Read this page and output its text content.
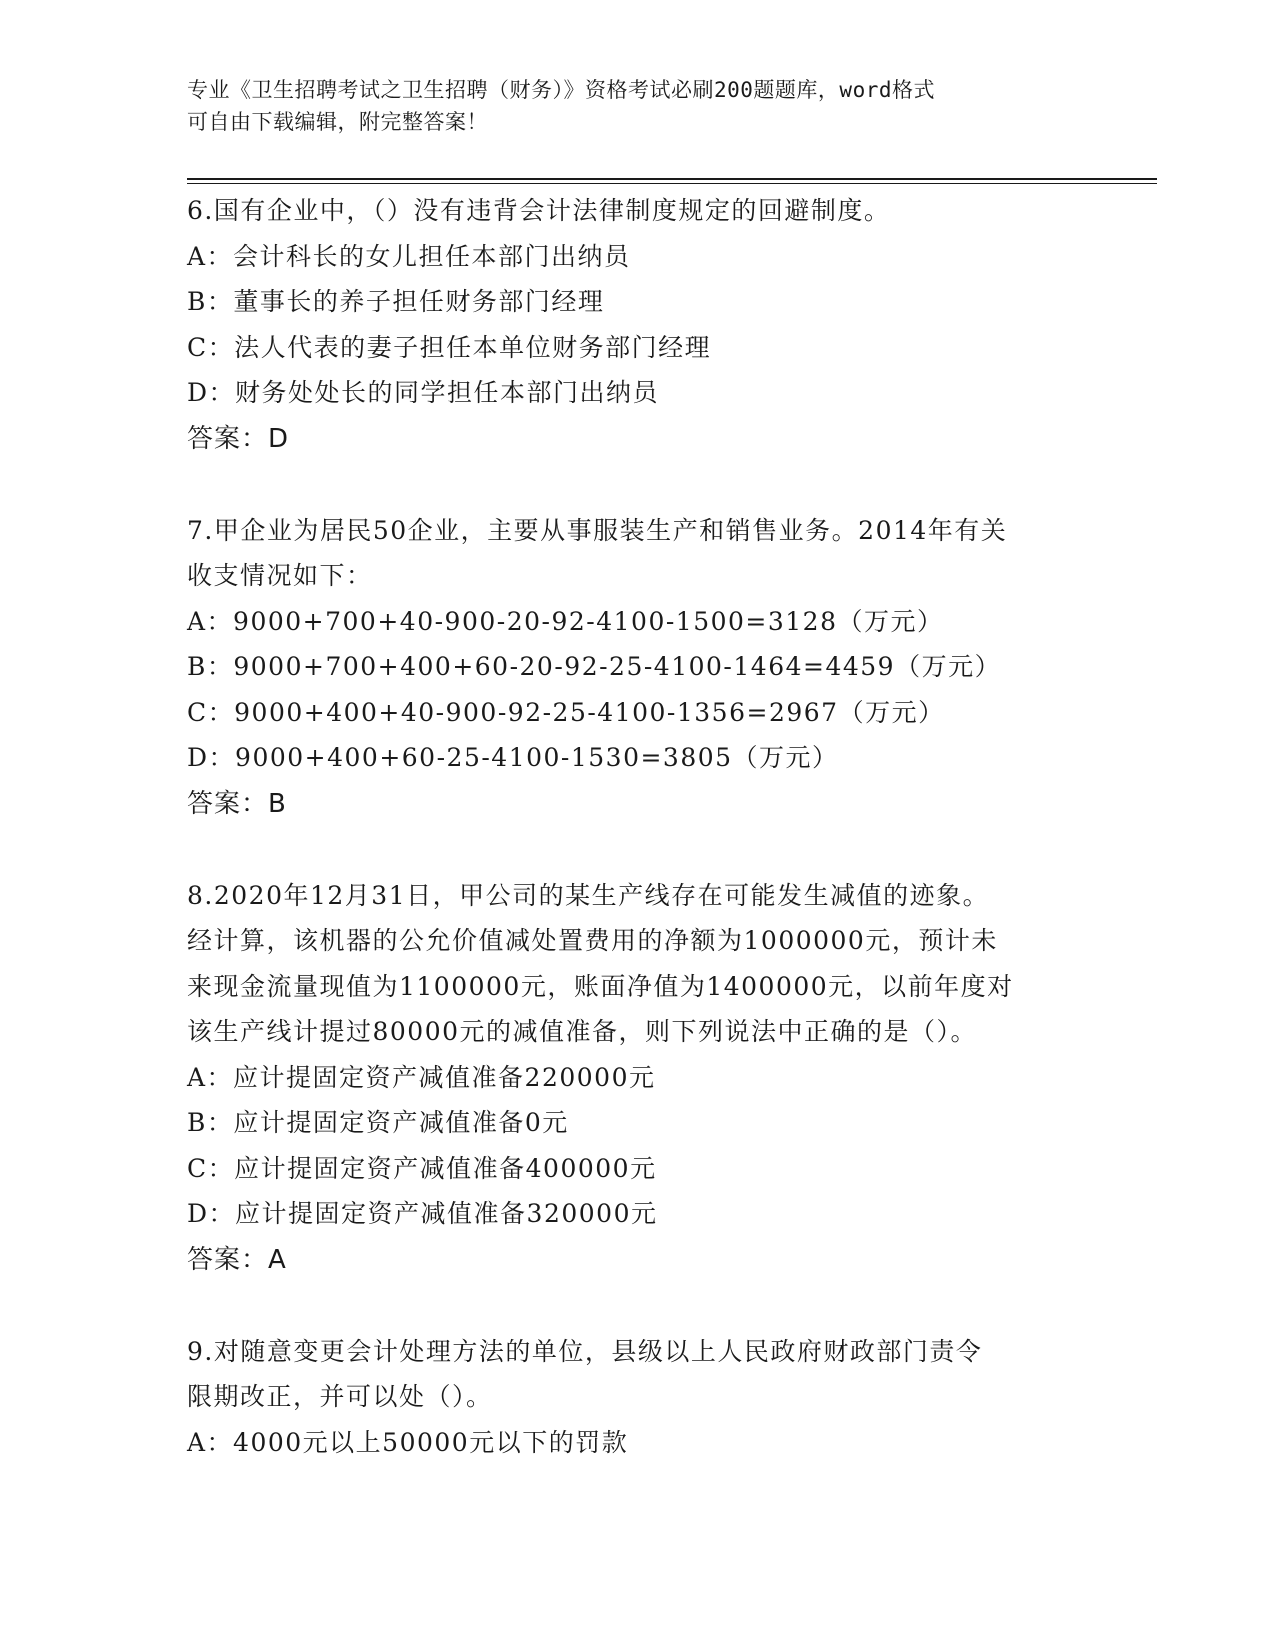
专业《卫生招聘考试之卫生招聘（财务）》资格考试必刷200题题库，word格式
可自由下载编辑，附完整答案！
6.国有企业中，（）没有违背会计法律制度规定的回避制度。
A：会计科长的女儿担任本部门出纳员
B：董事长的养子担任财务部门经理
C：法人代表的妻子担任本单位财务部门经理
D：财务处处长的同学担任本部门出纳员
答案：D
7.甲企业为居民50企业，主要从事服装生产和销售业务。2014年有关
收支情况如下：
A：9000+700+40-900-20-92-4100-1500=3128（万元）
B：9000+700+400+60-20-92-25-4100-1464=4459（万元）
C：9000+400+40-900-92-25-4100-1356=2967（万元）
D：9000+400+60-25-4100-1530=3805（万元）
答案：B
8.2020年12月31日，甲公司的某生产线存在可能发生减值的迹象。
经计算，该机器的公允价值减处置费用的净额为1000000元，预计未
来现金流量现值为1100000元，账面净值为1400000元，以前年度对
该生产线计提过80000元的减值准备，则下列说法中正确的是（）。
A：应计提固定资产减值准备220000元
B：应计提固定资产减值准备0元
C：应计提固定资产减值准备400000元
D：应计提固定资产减值准备320000元
答案：A
9.对随意变更会计处理方法的单位，县级以上人民政府财政部门责令
限期改正，并可以处（）。
A：4000元以上50000元以下的罚款
